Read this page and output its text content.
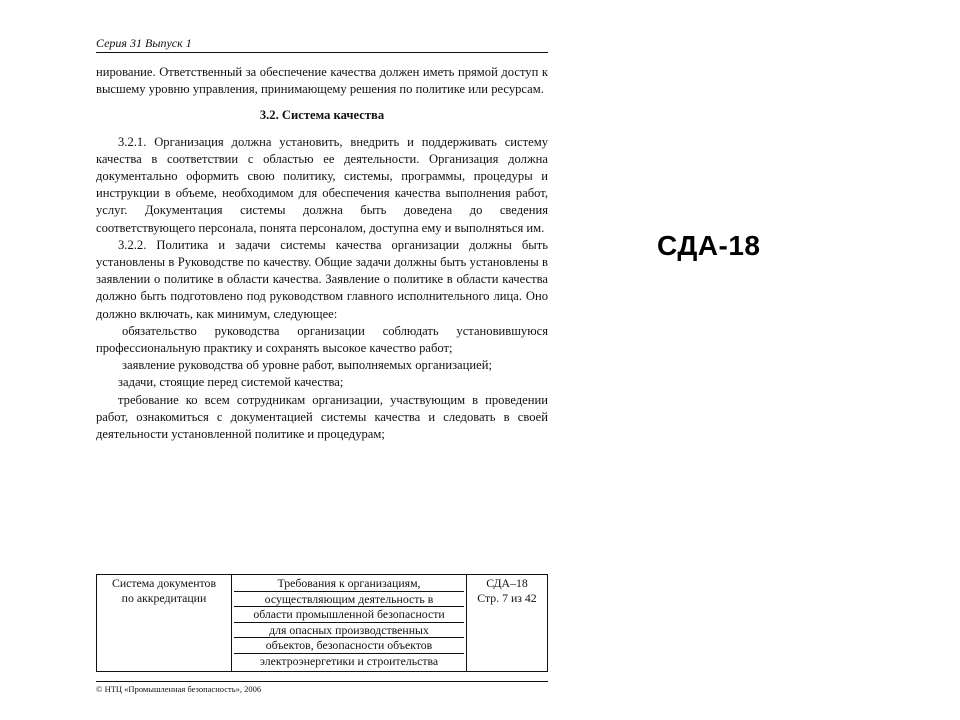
Серия 31 Выпуск 1

нирование. Ответственный за обеспечение качества должен иметь прямой доступ к высшему уровню управления, принимающему решения по политике или ресурсам.

3.2. Система качества

3.2.1. Организация должна установить, внедрить и поддерживать систему качества в соответствии с областью ее деятельности. Организация должна документально оформить свою политику, системы, программы, процедуры и инструкции в объеме, необходимом для обеспечения качества выполнения работ, услуг. Документация системы должна быть доведена до сведения соответствующего персонала, понята персоналом, доступна ему и выполняться им.

3.2.2. Политика и задачи системы качества организации должны быть установлены в Руководстве по качеству. Общие задачи должны быть установлены в заявлении о политике в области качества. Заявление о политике в области качества должно быть подготовлено под руководством главного исполнительного лица. Оно должно включать, как минимум, следующее:

обязательство руководства организации соблюдать установившуюся профессиональную практику и сохранять высокое качество работ;

заявление руководства об уровне работ, выполняемых организацией;

задачи, стоящие перед системой качества;

требование ко всем сотрудникам организации, участвующим в проведении работ, ознакомиться с документацией системы качества и следовать в своей деятельности установленной политике и процедурам;

Система документов
по аккредитации	
Требования к организациям,
осуществляющим деятельность в
области промышленной безопасности
для опасных производственных
объектов, безопасности объектов
электроэнергетики и строительства
	СДА–18
Стр. 7 из 42
© НТЦ «Промышленная безопасность», 2006
СДА-18
